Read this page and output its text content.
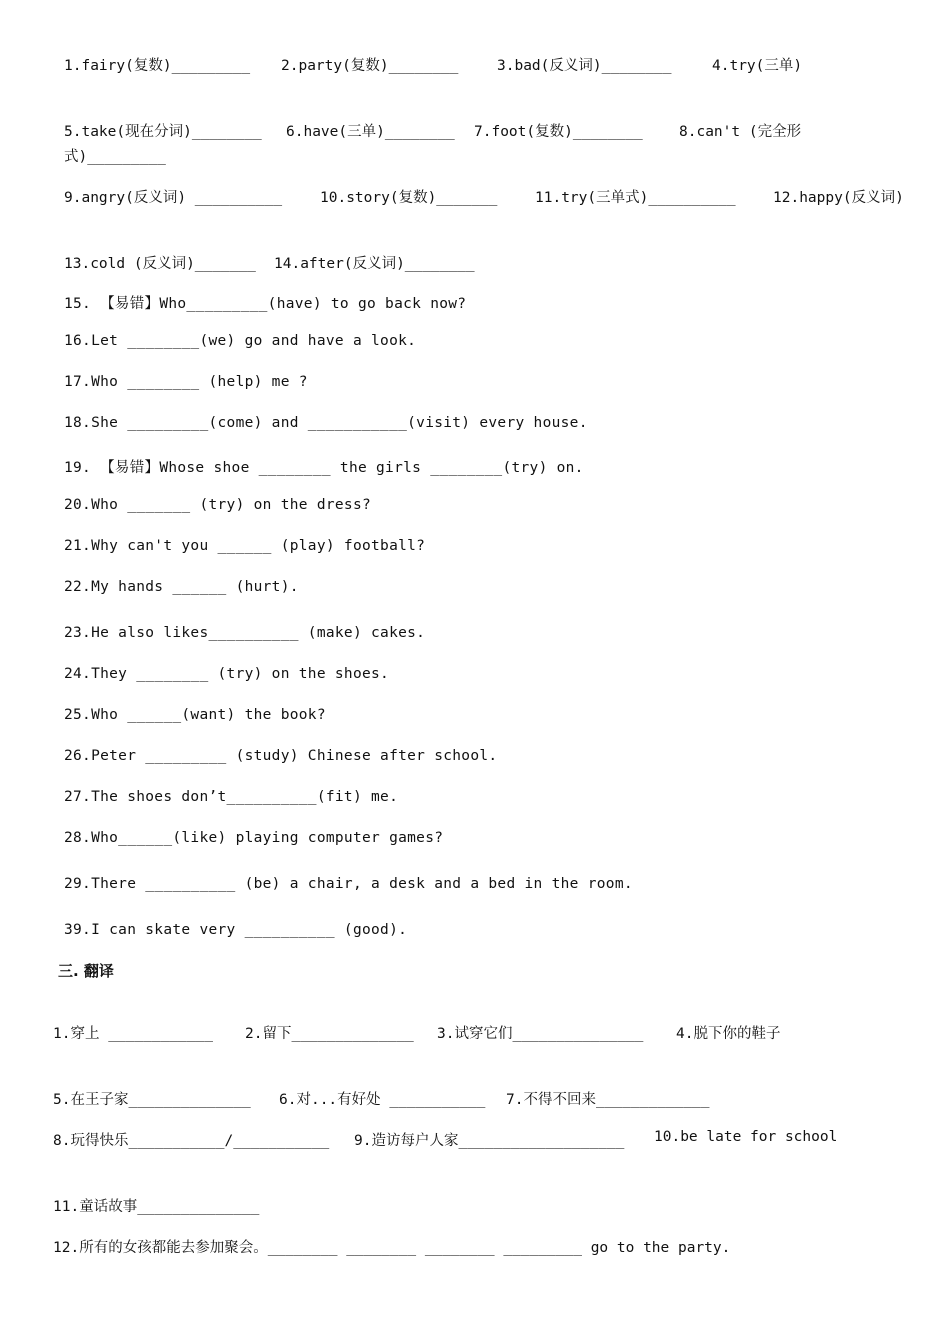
1.fairy(复数)_________ 2.party(复数)________	3.bad(反义词)________	4.try(三单)
5.take(现在分词)________ 6.have(三单)________ 7.foot(复数)________	8.can't (完全形
式)_________
9.angry(反义词) __________	10.story(复数)_______	11.try(三单式)__________	12.happy(反义词)
13.cold (反义词)_______ 14.after(反义词)________
15. 【易错】Who_________(have) to go back now?
16.Let ________(we) go and have a look.
17.Who ________ (help) me ?
18.She _________(come) and ___________(visit) every house.
19. 【易错】Whose shoe ________ the girls ________(try) on.
20.Who _______ (try) on the dress?
21.Why can't you ______ (play) football?
22.My hands ______ (hurt).
23.He also likes__________ (make) cakes.
24.They ________ (try) on the shoes.
25.Who ______(want) the book?
26.Peter _________ (study) Chinese after school.
27.The shoes don’t__________(fit) me.
28.Who______(like) playing computer games?
29.There __________ (be) a chair, a desk and a bed in the room.
39.I can skate very __________ (good).
三. 翻译
1.穿上 ____________ 2.留下______________ 3.试穿它们_______________ 4.脱下你的鞋子
5.在王子家______________ 6.对...有好处 ___________ 7.不得不回来_____________
8.玩得快乐___________/___________ 9.造访每户人家___________________ 10.be late for school
11.童话故事______________
12.所有的女孩都能去参加聚会。________ ________ ________ _________ go to the party.
